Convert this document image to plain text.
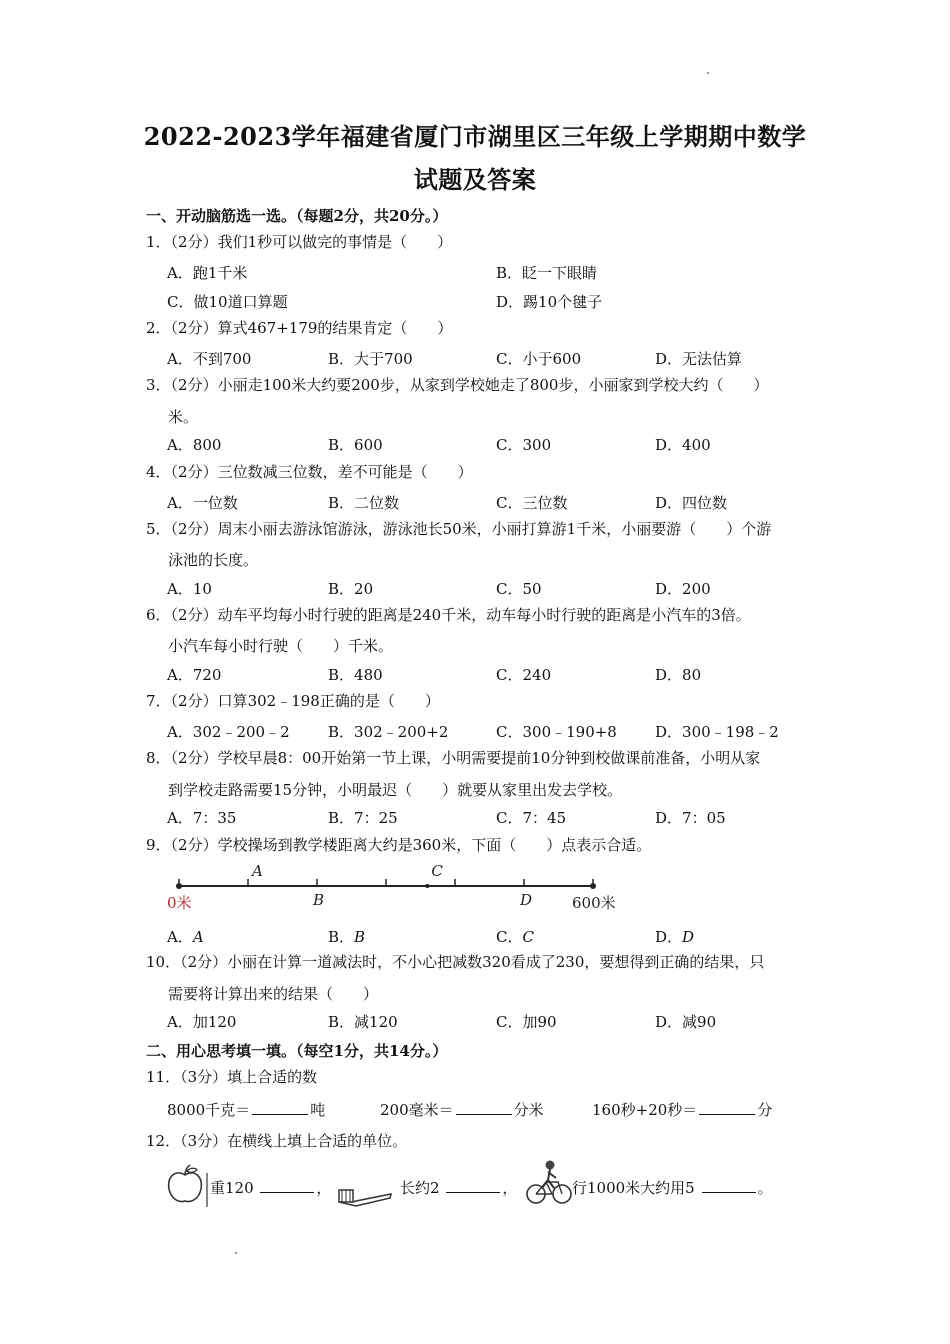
2022-2023学年福建省厦门市湖里区三年级上学期期中数学
试题及答案
一、开动脑筋选一选。（每题2分，共20分。）
1．（2分）我们1秒可以做完的事情是（　　）
A．跑1千米	B．眨一下眼睛
C．做10道口算题	D．踢10个毽子
2．（2分）算式467+179的结果肯定（　　）
A．不到700	B．大于700	C．小于600	D．无法估算
3．（2分）小丽走100米大约要200步，从家到学校她走了800步，小丽家到学校大约（　　）
米。
A．800	B．600	C．300	D．400
4．（2分）三位数减三位数，差不可能是（　　）
A．一位数	B．二位数	C．三位数	D．四位数
5．（2分）周末小丽去游泳馆游泳，游泳池长50米，小丽打算游1千米，小丽要游（　　）个游
泳池的长度。
A．10	B．20	C．50	D．200
6．（2分）动车平均每小时行驶的距离是240千米，动车每小时行驶的距离是小汽车的3倍。
小汽车每小时行驶（　　）千米。
A．720	B．480	C．240	D．80
7．（2分）口算302﹣198正确的是（　　）
A．302﹣200﹣2	B．302﹣200+2	C．300﹣190+8	D．300﹣198﹣2
8．（2分）学校早晨8：00开始第一节上课，小明需要提前10分钟到校做课前准备，小明从家
到学校走路需要15分钟，小明最迟（　　）就要从家里出发去学校。
A．7：35	B．7：25	C．7：45	D．7：05
9．（2分）学校操场到教学楼距离大约是360米，下面（　　）点表示合适。
A
B
C
D
0米	600米
A．A	B．B	C．C	D．D
10．（2分）小丽在计算一道减法时，不小心把减数320看成了230，要想得到正确的结果，只
需要将计算出来的结果（　　）
A．加120	B．减120	C．加90	D．减90
二、用心思考填一填。（每空1分，共14分。）
11．（3分）填上合适的数
8000千克＝	吨	200毫米＝	分米	160秒+20秒＝	分
12．（3分）在横线上填上合适的单位。
重120	，	长约2	，	行1000米大约用5	。
